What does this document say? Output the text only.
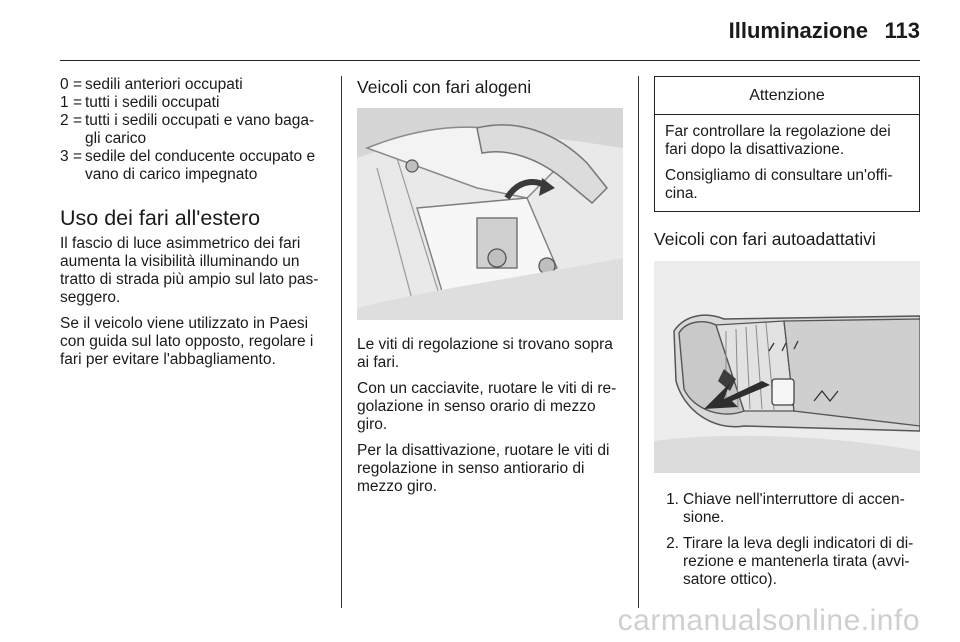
Illuminazione 113
0 = sedili anteriori occupati
1 = tutti i sedili occupati
2 = tutti i sedili occupati e vano baga-gli carico
3 = sedile del conducente occupato e vano di carico impegnato
Uso dei fari all'estero

Il fascio di luce asimmetrico dei fari aumenta la visibilità illuminando un tratto di strada più ampio sul lato pas-seggero.

Se il veicolo viene utilizzato in Paesi con guida sul lato opposto, regolare i fari per evitare l'abbagliamento.

Veicoli con fari alogeni

Le viti di regolazione si trovano sopra ai fari.

Con un cacciavite, ruotare le viti di re-golazione in senso orario di mezzo giro.

Per la disattivazione, ruotare le viti di regolazione in senso antiorario di mezzo giro.

Attenzione

Far controllare la regolazione dei fari dopo la disattivazione.

Consigliamo di consultare un'offi-cina.

Veicoli con fari autoadattativi
1. Chiave nell'interruttore di accen-sione.
2. Tirare la leva degli indicatori di di-rezione e mantenerla tirata (avvi-satore ottico).
carmanualsonline.info
